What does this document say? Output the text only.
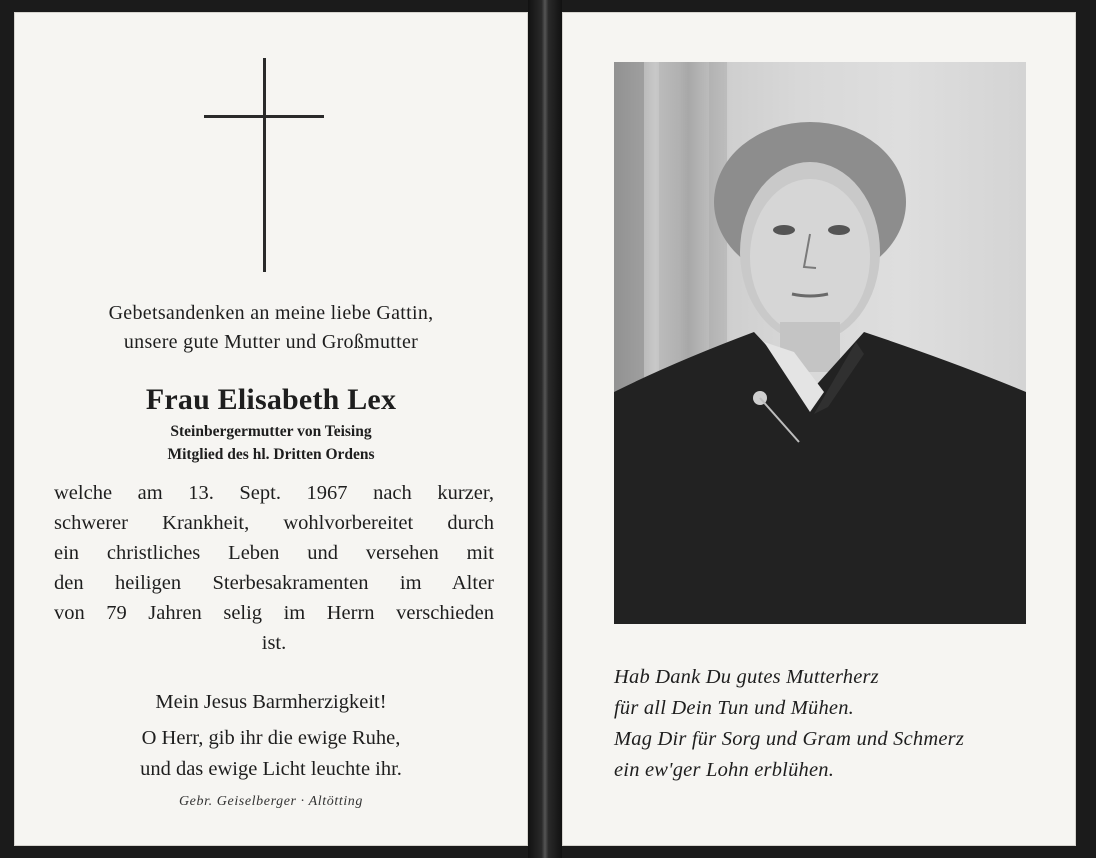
Gebetsandenken an meine liebe Gattin,
unsere gute Mutter und Großmutter
Frau Elisabeth Lex
Steinbergermutter von Teising
Mitglied des hl. Dritten Ordens
welche am 13. Sept. 1967 nach kurzer,
schwerer Krankheit, wohlvorbereitet durch
ein christliches Leben und versehen mit
den heiligen Sterbesakramenten im Alter
von 79 Jahren selig im Herrn verschieden
ist.
Mein Jesus Barmherzigkeit!
O Herr, gib ihr die ewige Ruhe,
und das ewige Licht leuchte ihr.
Gebr. Geiselberger · Altötting
Hab Dank Du gutes Mutterherz
für all Dein Tun und Mühen.
Mag Dir für Sorg und Gram und Schmerz
ein ew'ger Lohn erblühen.
